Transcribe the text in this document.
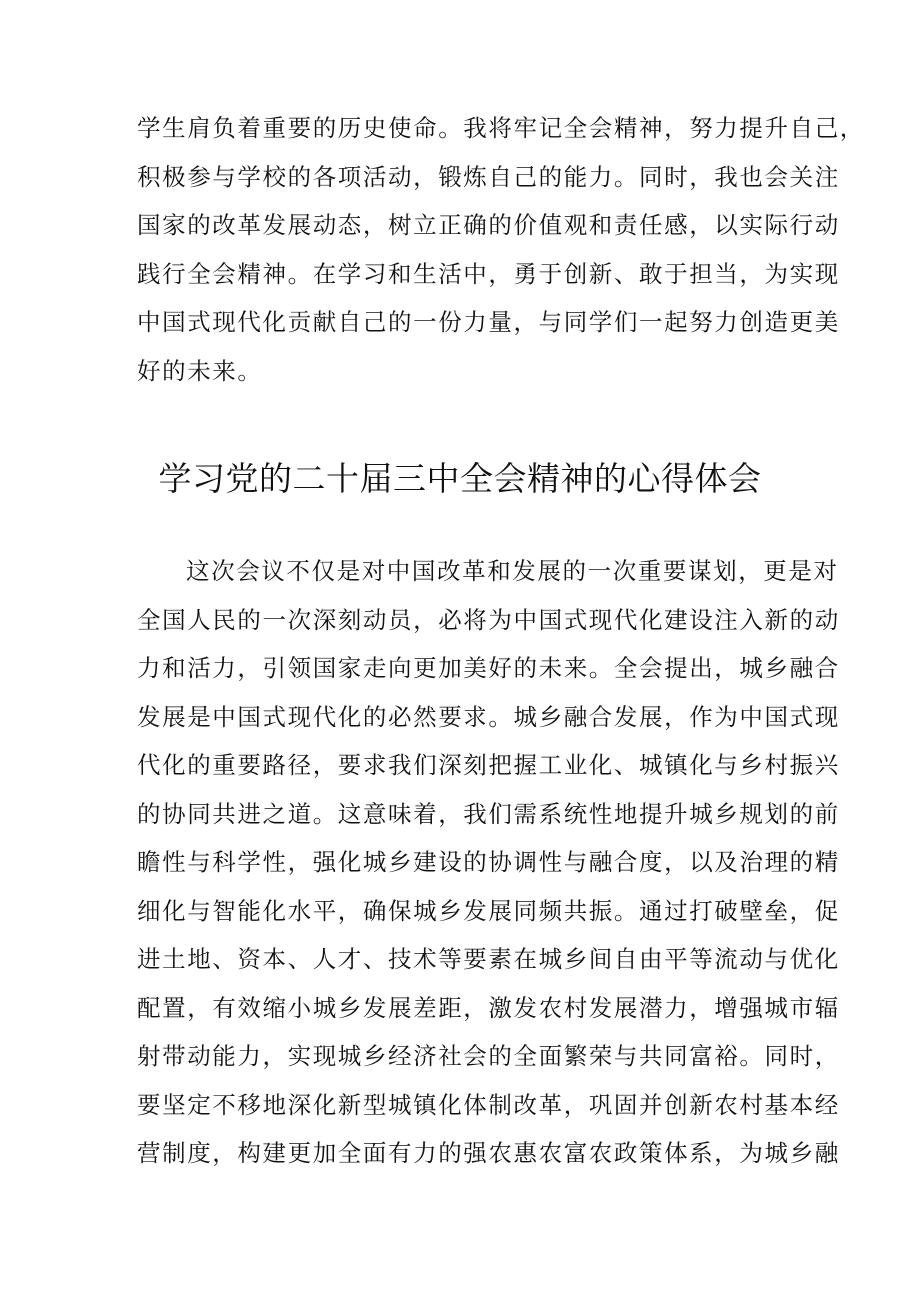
学生肩负着重要的历史使命。我将牢记全会精神，努力提升自己，
积极参与学校的各项活动，锻炼自己的能力。同时，我也会关注
国家的改革发展动态，树立正确的价值观和责任感，以实际行动
践行全会精神。在学习和生活中，勇于创新、敢于担当，为实现
中国式现代化贡献自己的一份力量，与同学们一起努力创造更美
好的未来。

学习党的二十届三中全会精神的心得体会

这次会议不仅是对中国改革和发展的一次重要谋划，更是对
全国人民的一次深刻动员，必将为中国式现代化建设注入新的动
力和活力，引领国家走向更加美好的未来。全会提出，城乡融合
发展是中国式现代化的必然要求。城乡融合发展，作为中国式现
代化的重要路径，要求我们深刻把握工业化、城镇化与乡村振兴
的协同共进之道。这意味着，我们需系统性地提升城乡规划的前
瞻性与科学性，强化城乡建设的协调性与融合度，以及治理的精
细化与智能化水平，确保城乡发展同频共振。通过打破壁垒，促
进土地、资本、人才、技术等要素在城乡间自由平等流动与优化
配置，有效缩小城乡发展差距，激发农村发展潜力，增强城市辐
射带动能力，实现城乡经济社会的全面繁荣与共同富裕。同时，
要坚定不移地深化新型城镇化体制改革，巩固并创新农村基本经
营制度，构建更加全面有力的强农惠农富农政策体系，为城乡融
